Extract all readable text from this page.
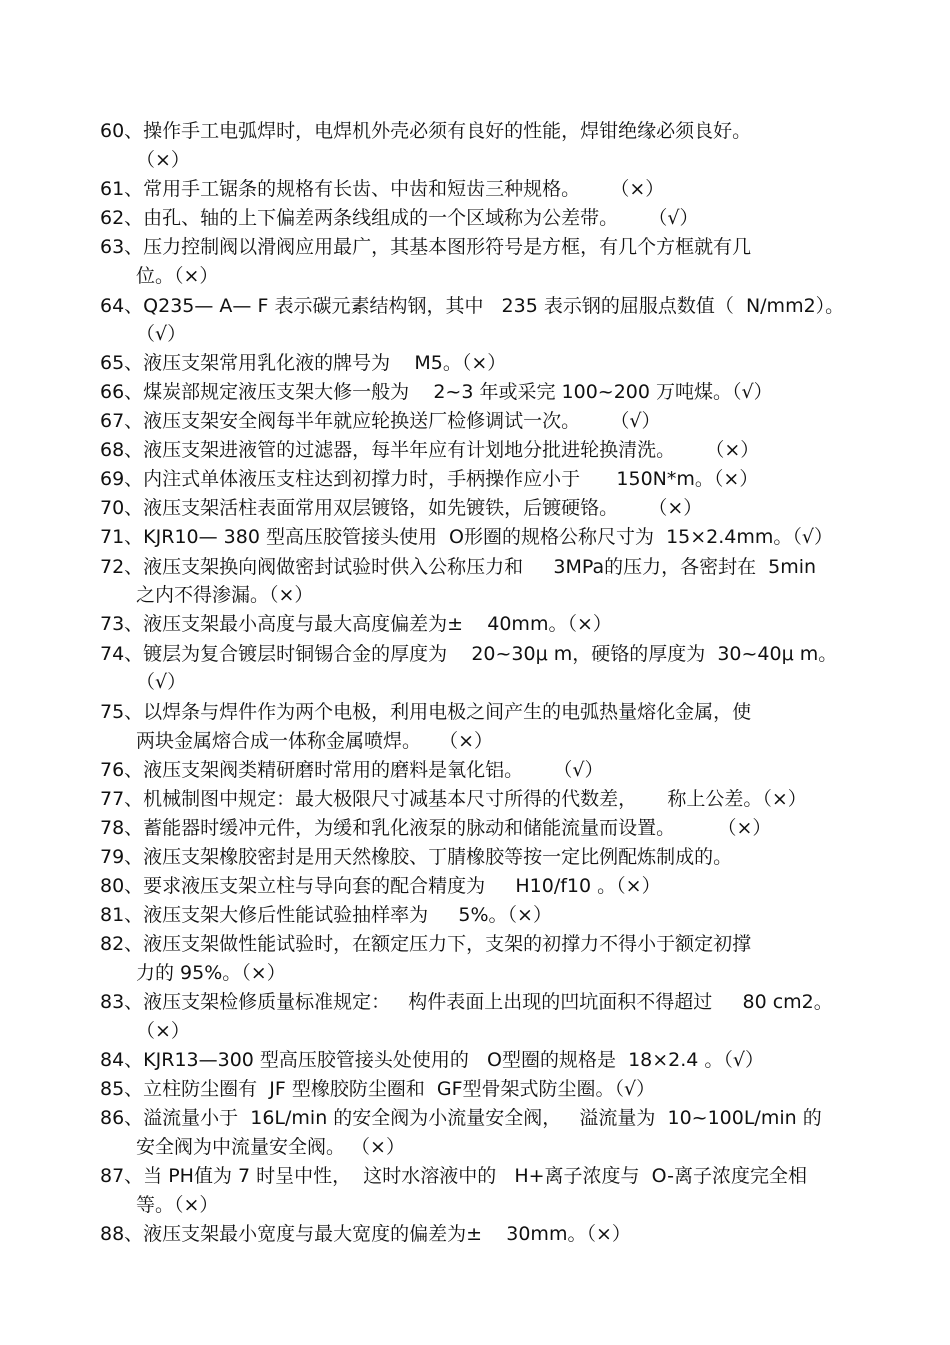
60、操作手工电弧焊时，电焊机外壳必须有良好的性能，焊钳绝缘必须良好。
（×）
61、常用手工锯条的规格有长齿、中齿和短齿三种规格。     （×）
62、由孔、轴的上下偏差两条线组成的一个区域称为公差带。     （√）
63、压力控制阀以滑阀应用最广，其基本图形符号是方框，有几个方框就有几
位。（×）
64、Q235— A— F 表示碳元素结构钢，其中   235 表示钢的屈服点数值（  N/mm2）。
（√）
65、液压支架常用乳化液的牌号为    M5。（×）
66、煤炭部规定液压支架大修一般为    2~3 年或采完 100~200 万吨煤。（√）
67、液压支架安全阀每半年就应轮换送厂检修调试一次。     （√）
68、液压支架进液管的过滤器，每半年应有计划地分批进轮换清洗。     （×）
69、内注式单体液压支柱达到初撑力时，手柄操作应小于      150N*m。（×）
70、液压支架活柱表面常用双层镀铬，如先镀铁，后镀硬铬。     （×）
71、KJR10— 380 型高压胶管接头使用  O形圈的规格公称尺寸为  15×2.4mm。（√）
72、液压支架换向阀做密封试验时供入公称压力和     3MPa的压力，各密封在  5min
之内不得渗漏。（×）
73、液压支架最小高度与最大高度偏差为±    40mm。（×）
74、镀层为复合镀层时铜锡合金的厚度为    20~30μ m，硬铬的厚度为  30~40μ m。
（√）
75、以焊条与焊件作为两个电极，利用电极之间产生的电弧热量熔化金属，使
两块金属熔合成一体称金属喷焊。   （×）
76、液压支架阀类精研磨时常用的磨料是氧化铝。     （√）
77、机械制图中规定：最大极限尺寸减基本尺寸所得的代数差，     称上公差。（×）
78、蓄能器时缓冲元件，为缓和乳化液泵的脉动和储能流量而设置。       （×）
79、液压支架橡胶密封是用天然橡胶、丁腈橡胶等按一定比例配炼制成的。
80、要求液压支架立柱与导向套的配合精度为     H10/f10 。（×）
81、液压支架大修后性能试验抽样率为     5%。（×）
82、液压支架做性能试验时，在额定压力下，支架的初撑力不得小于额定初撑
力的 95%。（×）
83、液压支架检修质量标准规定：   构件表面上出现的凹坑面积不得超过     80 cm2。
（×）
84、KJR13—300 型高压胶管接头处使用的   O型圈的规格是  18×2.4 。（√）
85、立柱防尘圈有  JF 型橡胶防尘圈和  GF型骨架式防尘圈。（√）
86、溢流量小于  16L/min 的安全阀为小流量安全阀，   溢流量为  10~100L/min 的
安全阀为中流量安全阀。 （×）
87、当 PH值为 7 时呈中性，  这时水溶液中的   H+离子浓度与  O-离子浓度完全相
等。（×）
88、液压支架最小宽度与最大宽度的偏差为±    30mm。（×）
